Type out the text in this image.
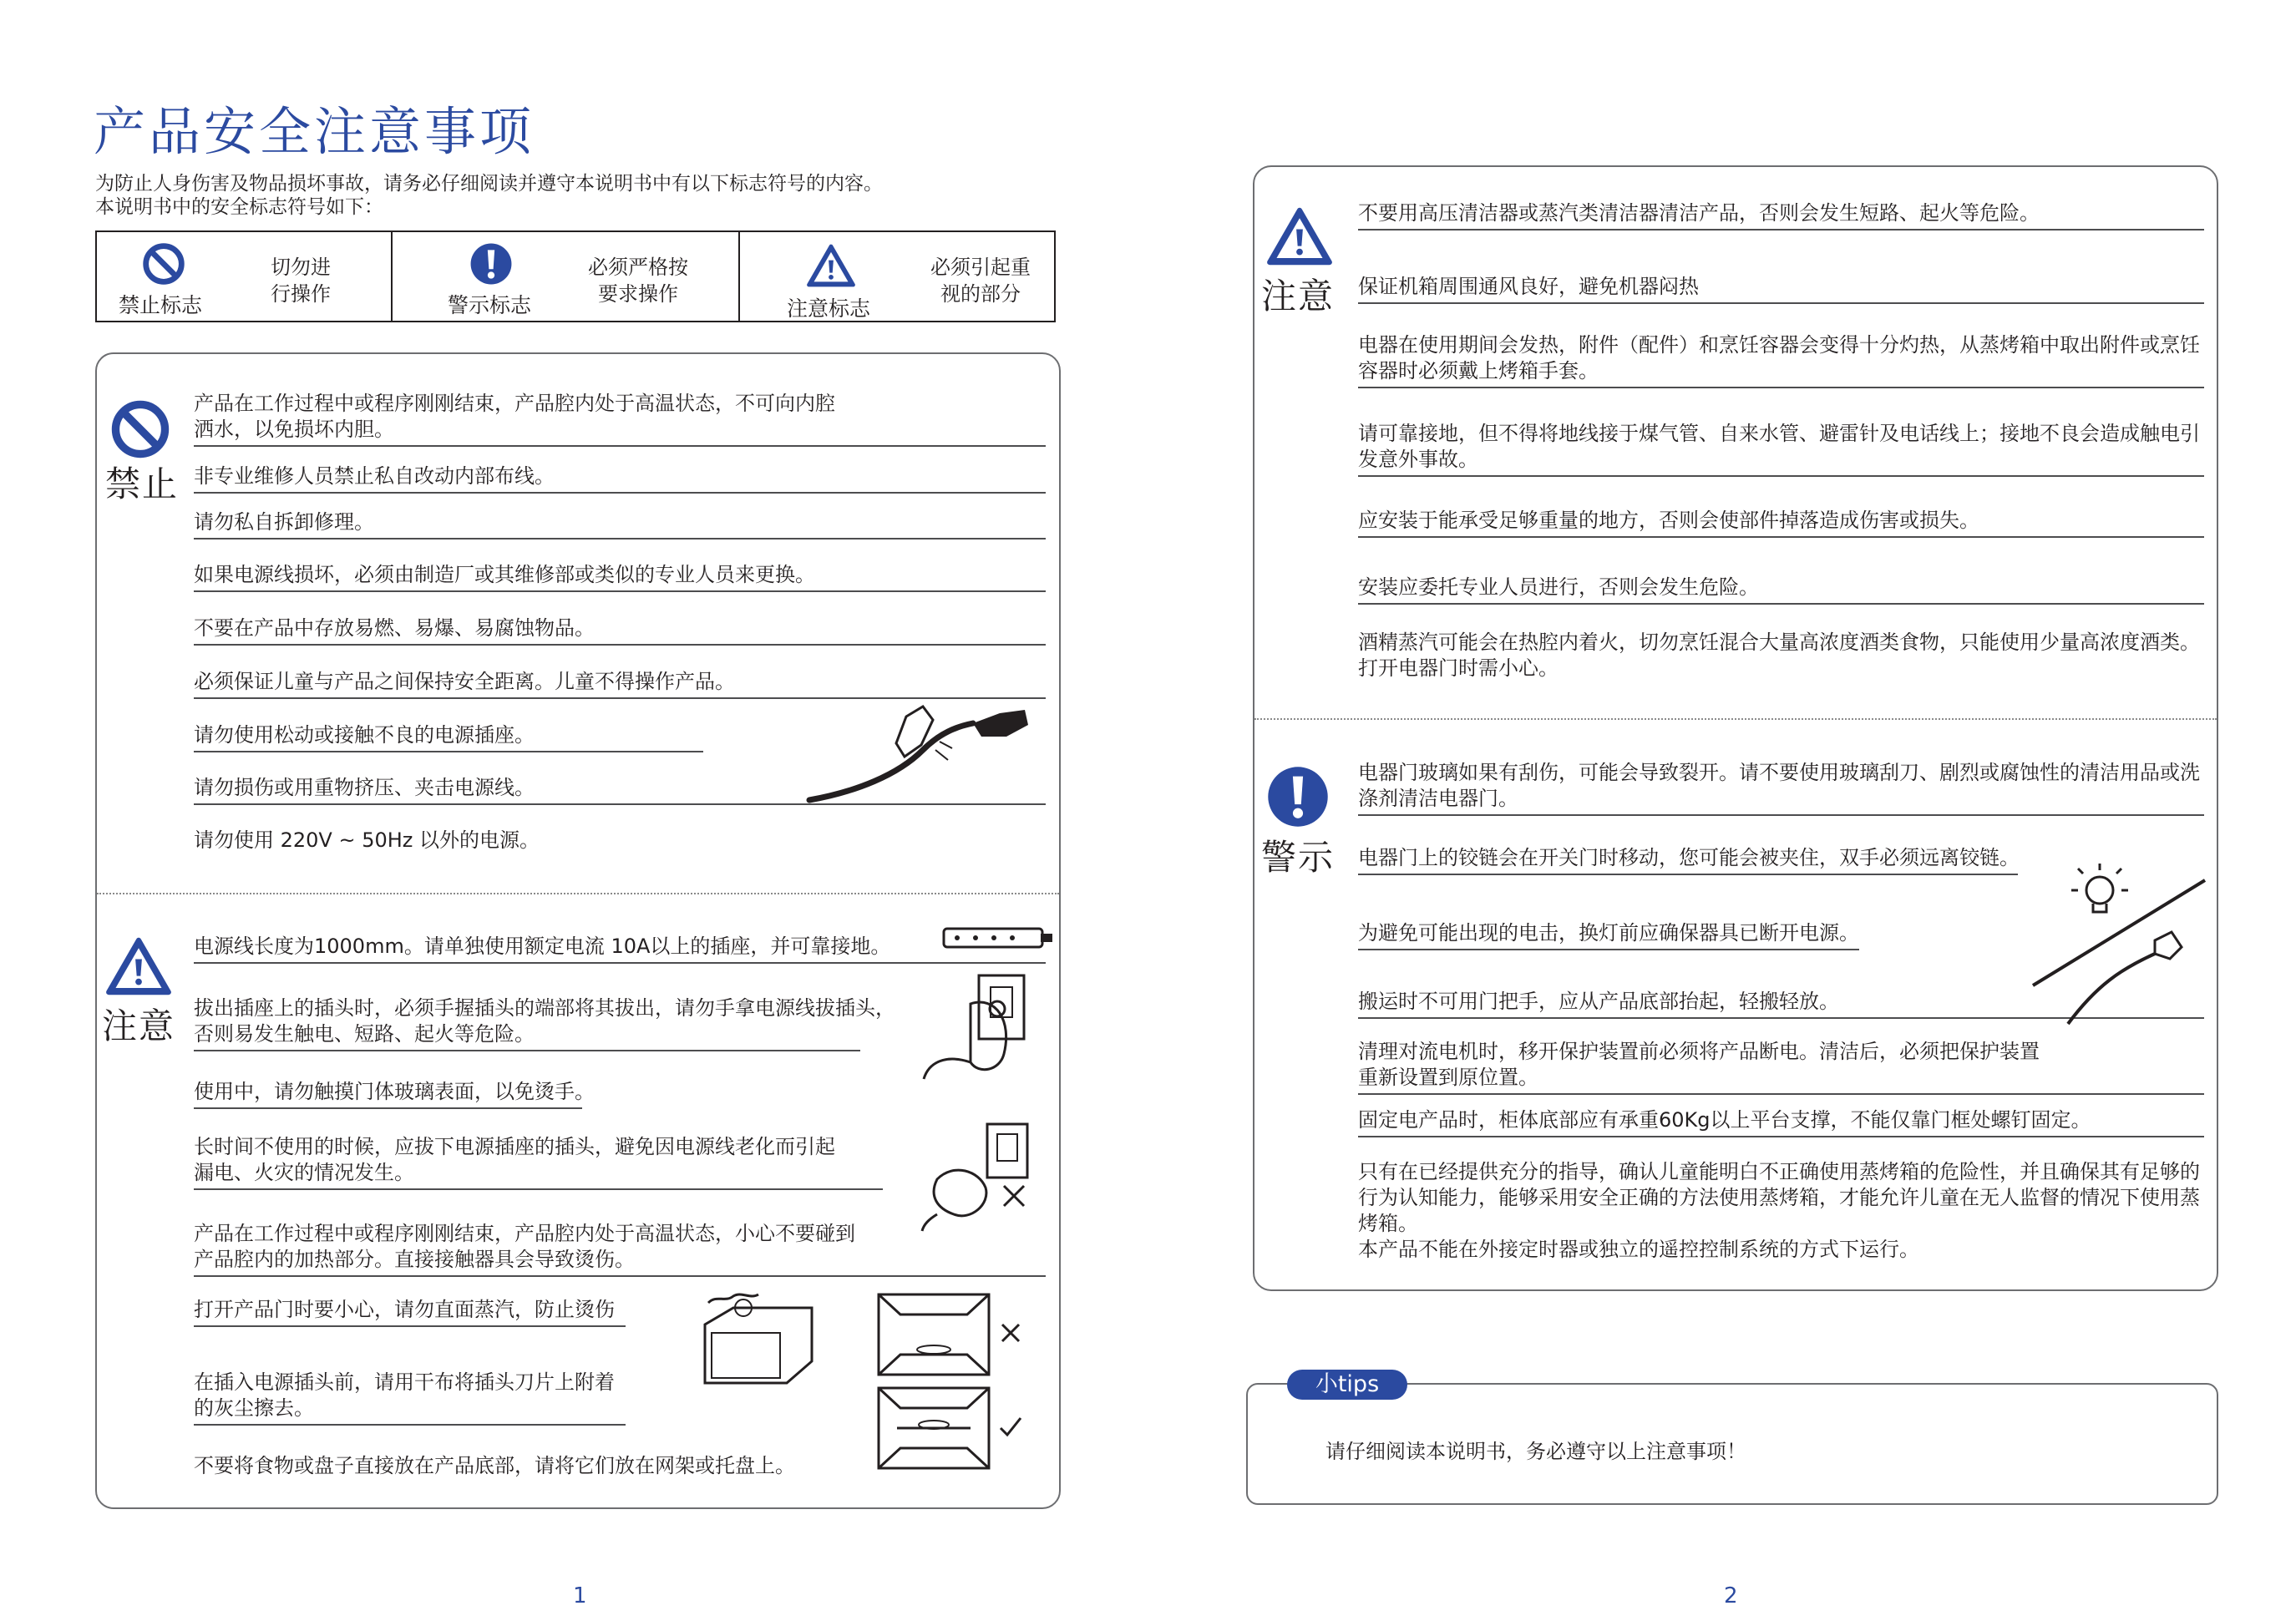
产品安全注意事项
为防止人身伤害及物品损坏事故，请务必仔细阅读并遵守本说明书中有以下标志符号的内容。
本说明书中的安全标志符号如下：
禁止标志
切勿进
行操作	警示标志
必须严格按
要求操作
注意标志
必须引起重
视的部分
禁止
产品在工作过程中或程序刚刚结束，产品腔内处于高温状态，不可向内腔
洒水，以免损坏内胆。
非专业维修人员禁止私自改动内部布线。
请勿私自拆卸修理。
如果电源线损坏，必须由制造厂或其维修部或类似的专业人员来更换。
不要在产品中存放易燃、易爆、易腐蚀物品。
必须保证儿童与产品之间保持安全距离。儿童不得操作产品。
请勿使用松动或接触不良的电源插座。
请勿损伤或用重物挤压、夹击电源线。
请勿使用 220V ~ 50Hz 以外的电源。
注意
电源线长度为1000mm。请单独使用额定电流 10A以上的插座，并可靠接地。
拔出插座上的插头时，必须手握插头的端部将其拔出，请勿手拿电源线拔插头，
否则易发生触电、短路、起火等危险。
使用中，请勿触摸门体玻璃表面，以免烫手。
长时间不使用的时候，应拔下电源插座的插头，避免因电源线老化而引起
漏电、火灾的情况发生。
产品在工作过程中或程序刚刚结束，产品腔内处于高温状态，小心不要碰到
产品腔内的加热部分。直接接触器具会导致烫伤。
打开产品门时要小心，请勿直面蒸汽，防止烫伤
在插入电源插头前，请用干布将插头刀片上附着
的灰尘擦去。
不要将食物或盘子直接放在产品底部，请将它们放在网架或托盘上。
1
注意
不要用高压清洁器或蒸汽类清洁器清洁产品，否则会发生短路、起火等危险。
保证机箱周围通风良好，避免机器闷热
电器在使用期间会发热，附件（配件）和烹饪容器会变得十分灼热，从蒸烤箱中取出附件或烹饪
容器时必须戴上烤箱手套。
请可靠接地，但不得将地线接于煤气管、自来水管、避雷针及电话线上；接地不良会造成触电引
发意外事故。
应安装于能承受足够重量的地方，否则会使部件掉落造成伤害或损失。
安装应委托专业人员进行，否则会发生危险。
酒精蒸汽可能会在热腔内着火，切勿烹饪混合大量高浓度酒类食物，只能使用少量高浓度酒类。
打开电器门时需小心。
警示
电器门玻璃如果有刮伤，可能会导致裂开。请不要使用玻璃刮刀、剧烈或腐蚀性的清洁用品或洗
涤剂清洁电器门。
电器门上的铰链会在开关门时移动，您可能会被夹住，双手必须远离铰链。
为避免可能出现的电击，换灯前应确保器具已断开电源。
搬运时不可用门把手，应从产品底部抬起，轻搬轻放。
清理对流电机时，移开保护装置前必须将产品断电。清洁后，必须把保护装置
重新设置到原位置。
固定电产品时，柜体底部应有承重60Kg以上平台支撑，不能仅靠门框处螺钉固定。
只有在已经提供充分的指导，确认儿童能明白不正确使用蒸烤箱的危险性，并且确保其有足够的
行为认知能力，能够采用安全正确的方法使用蒸烤箱，才能允许儿童在无人监督的情况下使用蒸
烤箱。
本产品不能在外接定时器或独立的遥控控制系统的方式下运行。
小tips
请仔细阅读本说明书，务必遵守以上注意事项！
2
